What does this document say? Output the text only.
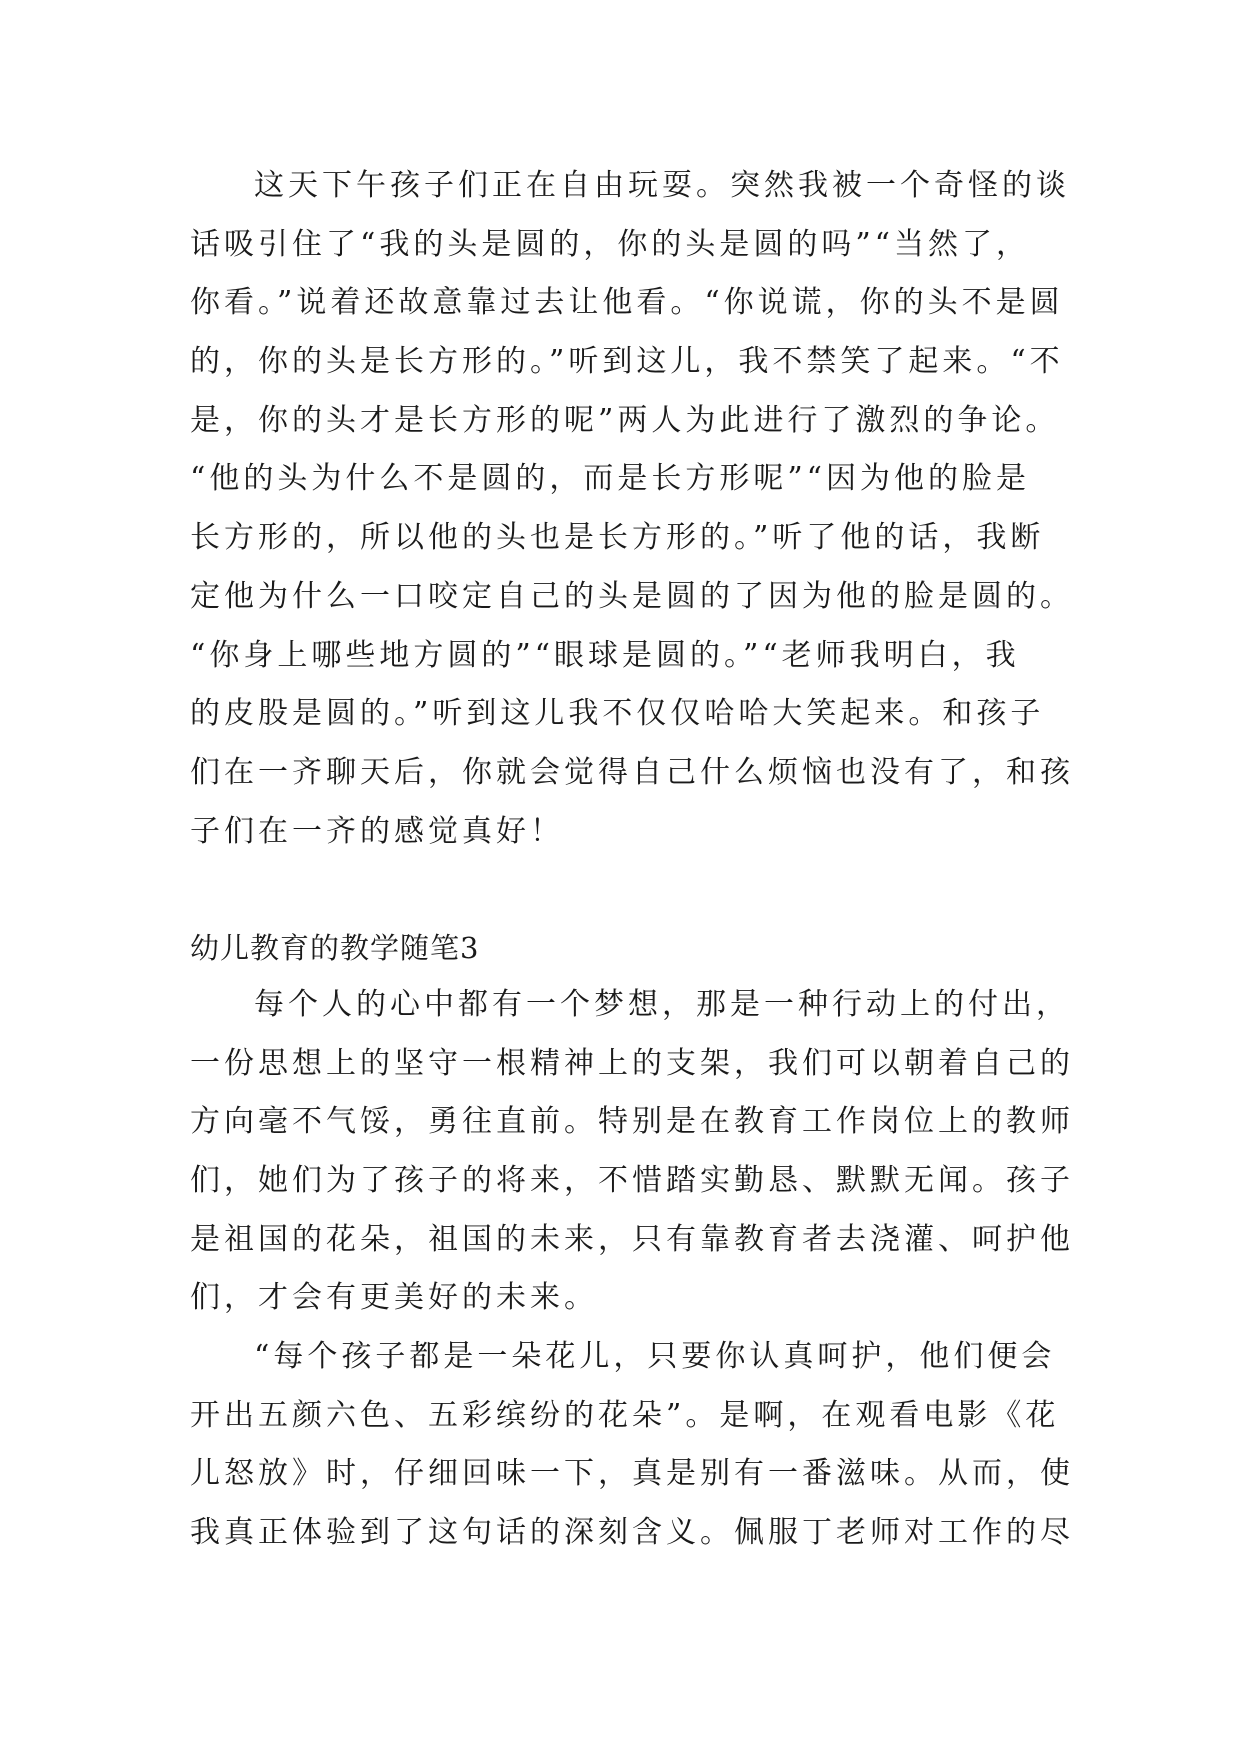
这天下午孩子们正在自由玩耍。突然我被一个奇怪的谈
话吸引住了“我的头是圆的，你的头是圆的吗”“当然了，
你看。”说着还故意靠过去让他看。“你说谎，你的头不是圆
的，你的头是长方形的。”听到这儿，我不禁笑了起来。“不
是，你的头才是长方形的呢”两人为此进行了激烈的争论。
“他的头为什么不是圆的，而是长方形呢”“因为他的脸是
长方形的，所以他的头也是长方形的。”听了他的话，我断
定他为什么一口咬定自己的头是圆的了因为他的脸是圆的。
“你身上哪些地方圆的”“眼球是圆的。”“老师我明白，我
的皮股是圆的。”听到这儿我不仅仅哈哈大笑起来。和孩子
们在一齐聊天后，你就会觉得自己什么烦恼也没有了，和孩
子们在一齐的感觉真好！
幼儿教育的教学随笔3
每个人的心中都有一个梦想，那是一种行动上的付出，
一份思想上的坚守一根精神上的支架，我们可以朝着自己的
方向毫不气馁，勇往直前。特别是在教育工作岗位上的教师
们，她们为了孩子的将来，不惜踏实勤恳、默默无闻。孩子
是祖国的花朵，祖国的未来，只有靠教育者去浇灌、呵护他
们，才会有更美好的未来。
“每个孩子都是一朵花儿，只要你认真呵护，他们便会
开出五颜六色、五彩缤纷的花朵”。是啊，在观看电影《花
儿怒放》时，仔细回味一下，真是别有一番滋味。从而，使
我真正体验到了这句话的深刻含义。佩服丁老师对工作的尽
